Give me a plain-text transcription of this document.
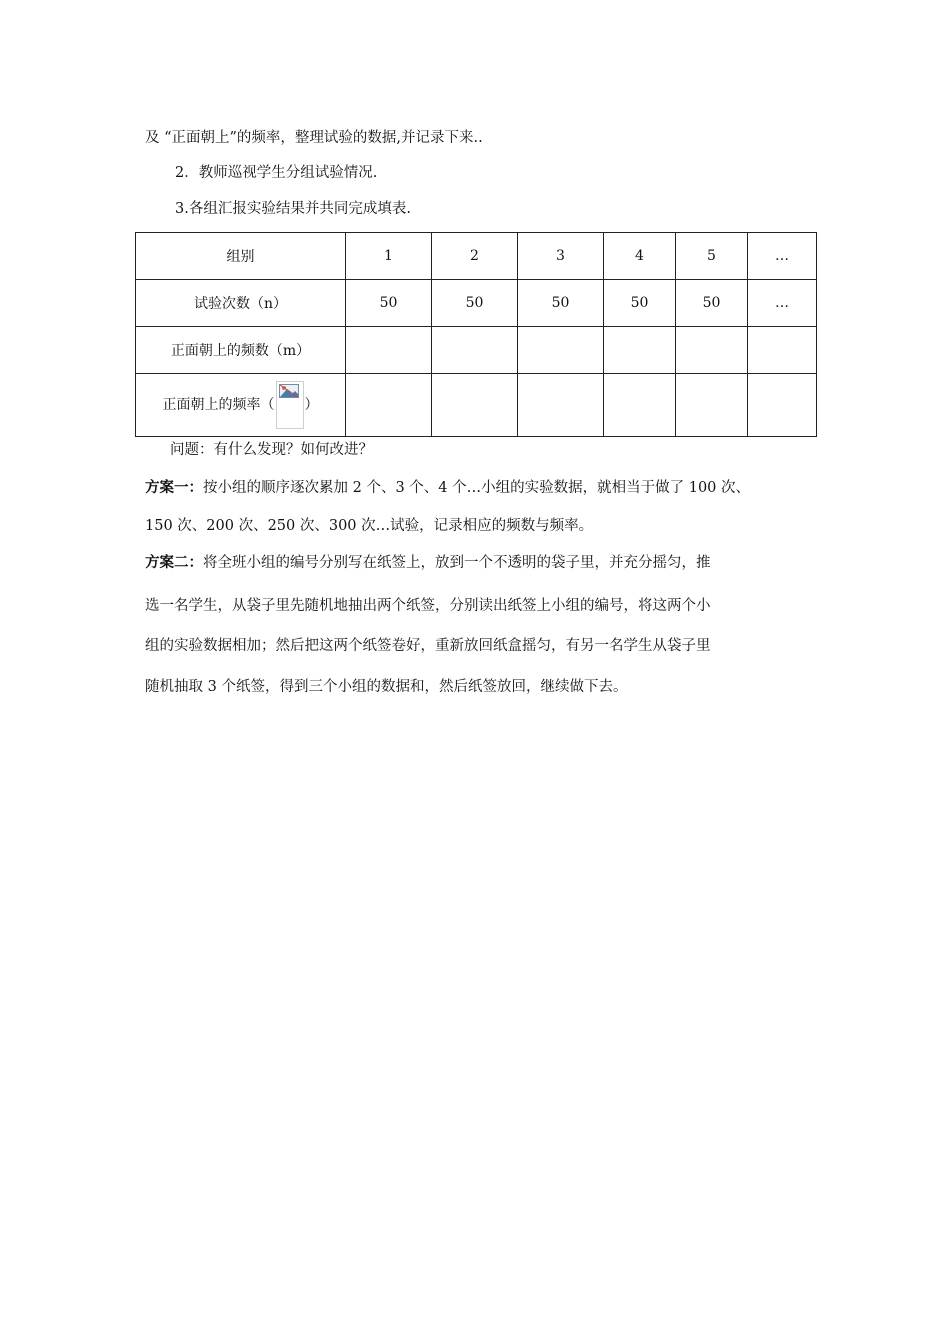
及 “正面朝上”的频率，整理试验的数据,并记录下来..
2．教师巡视学生分组试验情况.
3.各组汇报实验结果并共同完成填表.
组别	1	2	3	4	5	…
试验次数（n）	50	50	50	50	50	…
正面朝上的频数（m）						
正面朝上的频率（ ）						
问题：有什么发现？如何改进？
方案一：按小组的顺序逐次累加 2 个、3 个、4 个…小组的实验数据，就相当于做了 100 次、
150 次、200 次、250 次、300 次…试验，记录相应的频数与频率。
方案二：将全班小组的编号分别写在纸签上，放到一个不透明的袋子里，并充分摇匀，推
选一名学生，从袋子里先随机地抽出两个纸签，分别读出纸签上小组的编号，将这两个小
组的实验数据相加；然后把这两个纸签卷好，重新放回纸盒摇匀，有另一名学生从袋子里
随机抽取 3 个纸签，得到三个小组的数据和，然后纸签放回，继续做下去。
